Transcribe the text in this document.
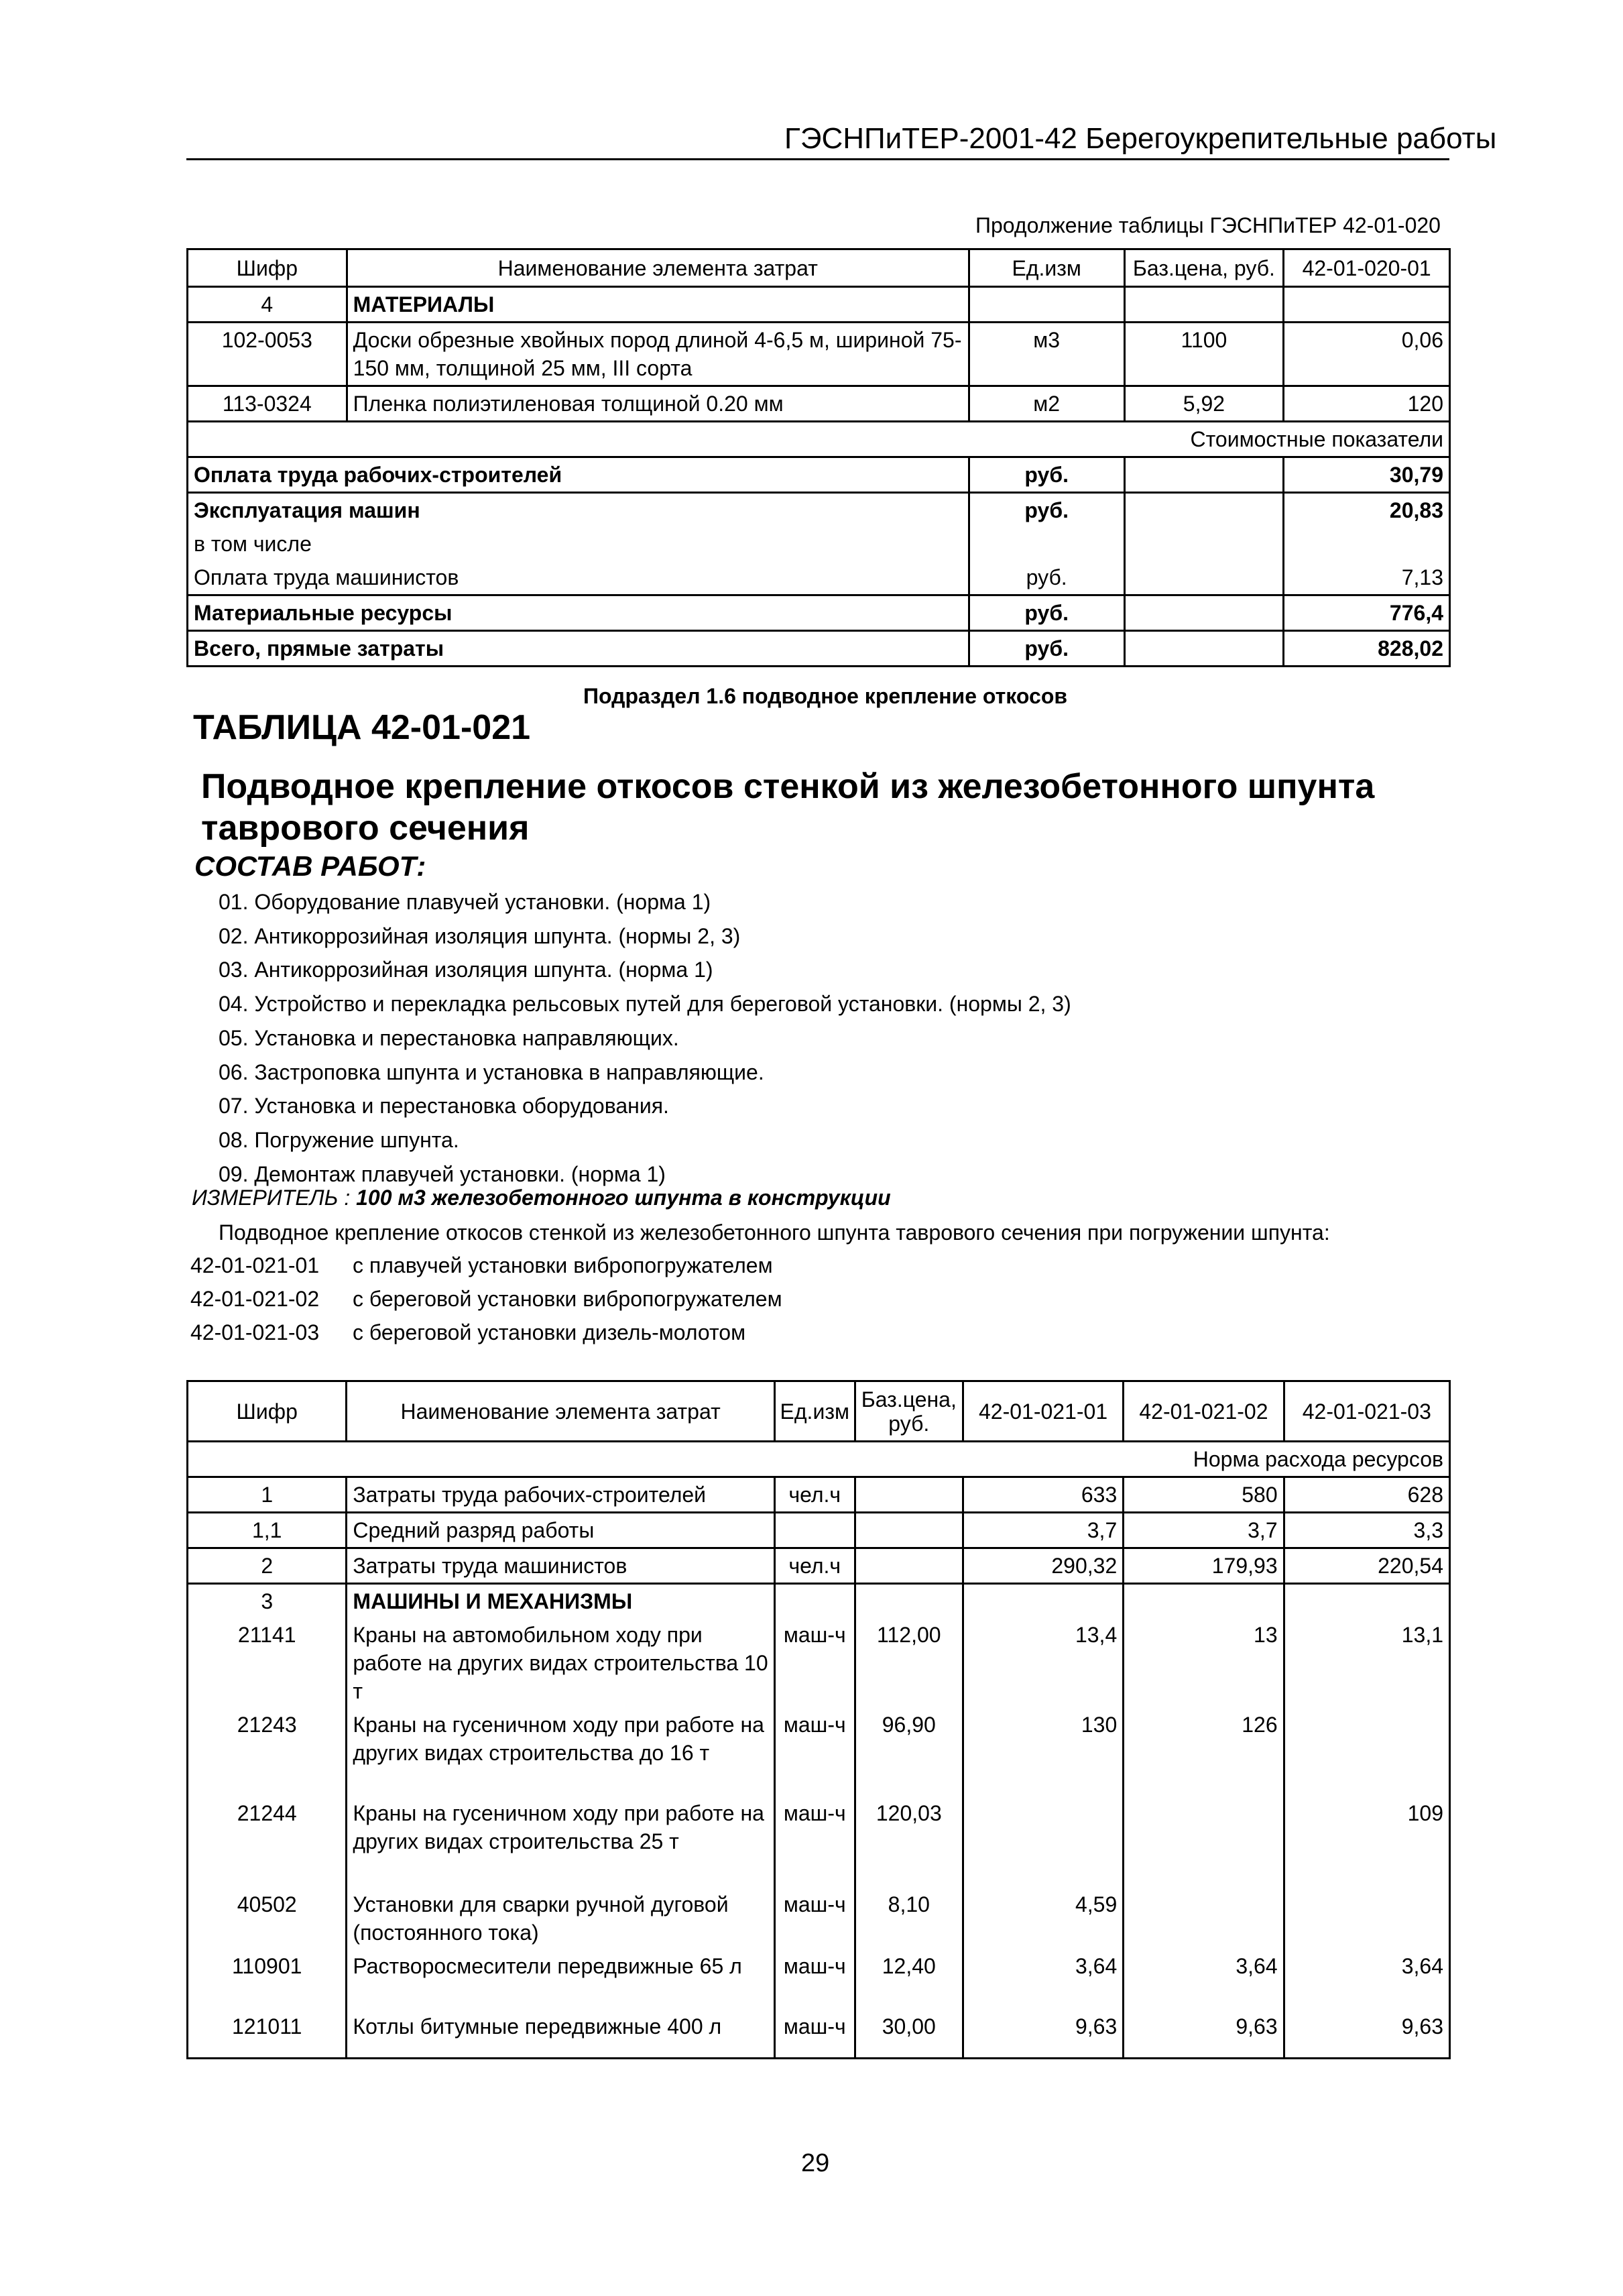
ГЭСНПиТЕР-2001-42 Берегоукрепительные работы
Продолжение таблицы ГЭСНПиТЕР 42-01-020
Шифр	Наименование элемента затрат	Ед.изм	Баз.цена, руб.	42-01-020-01
4	МАТЕРИАЛЫ			
102-0053	Доски обрезные хвойных пород длиной 4-6,5 м, шириной 75-150 мм, толщиной 25 мм, III сорта	м3	1100	0,06
113-0324	Пленка полиэтиленовая толщиной 0.20 мм	м2	5,92	120
Стоимостные показатели				
Оплата труда рабочих-строителей		руб.		30,79
Эксплуатация машин		руб.		20,83
в том числе				
Оплата труда машинистов		руб.		7,13
Материальные ресурсы		руб.		776,4
Всего, прямые затраты		руб.		828,02
Подраздел 1.6 подводное крепление откосов
ТАБЛИЦА 42-01-021
Подводное крепление откосов стенкой из железобетонного шпунта таврового сечения
СОСТАВ РАБОТ:
01. Оборудование плавучей установки. (норма 1)
02. Антикоррозийная изоляция шпунта. (нормы 2, 3)
03. Антикоррозийная изоляция шпунта. (норма 1)
04. Устройство и перекладка рельсовых путей для береговой установки. (нормы 2, 3)
05. Установка и перестановка направляющих.
06. Застроповка шпунта и установка в направляющие.
07. Установка и перестановка оборудования.
08. Погружение шпунта.
09. Демонтаж плавучей установки. (норма 1)
ИЗМЕРИТЕЛЬ : 100 м3 железобетонного шпунта в конструкции
Подводное крепление откосов стенкой из железобетонного шпунта таврового сечения при погружении шпунта:
42-01-021-01 с плавучей установки вибропогружателем
42-01-021-02 с береговой установки вибропогружателем
42-01-021-03 с береговой установки дизель-молотом
Шифр	Наименование элемента затрат	Ед.изм	Баз.цена, руб.	42-01-021-01	42-01-021-02	42-01-021-03
Норма расхода ресурсов						
1	Затраты труда рабочих-строителей	чел.ч		633	580	628
1,1	Средний разряд работы			3,7	3,7	3,3
2	Затраты труда машинистов	чел.ч		290,32	179,93	220,54
3	МАШИНЫ И МЕХАНИЗМЫ					
21141	Краны на автомобильном ходу при работе на других видах строительства 10 т	маш-ч	112,00	13,4	13	13,1
21243	Краны на гусеничном ходу при работе на других видах строительства до 16 т	маш-ч	96,90	130	126	
21244	Краны на гусеничном ходу при работе на других видах строительства 25 т	маш-ч	120,03			109
40502	Установки для сварки ручной дуговой (постоянного тока)	маш-ч	8,10	4,59		
110901	Растворосмесители передвижные 65 л	маш-ч	12,40	3,64	3,64	3,64
121011	Котлы битумные передвижные 400 л	маш-ч	30,00	9,63	9,63	9,63
29
